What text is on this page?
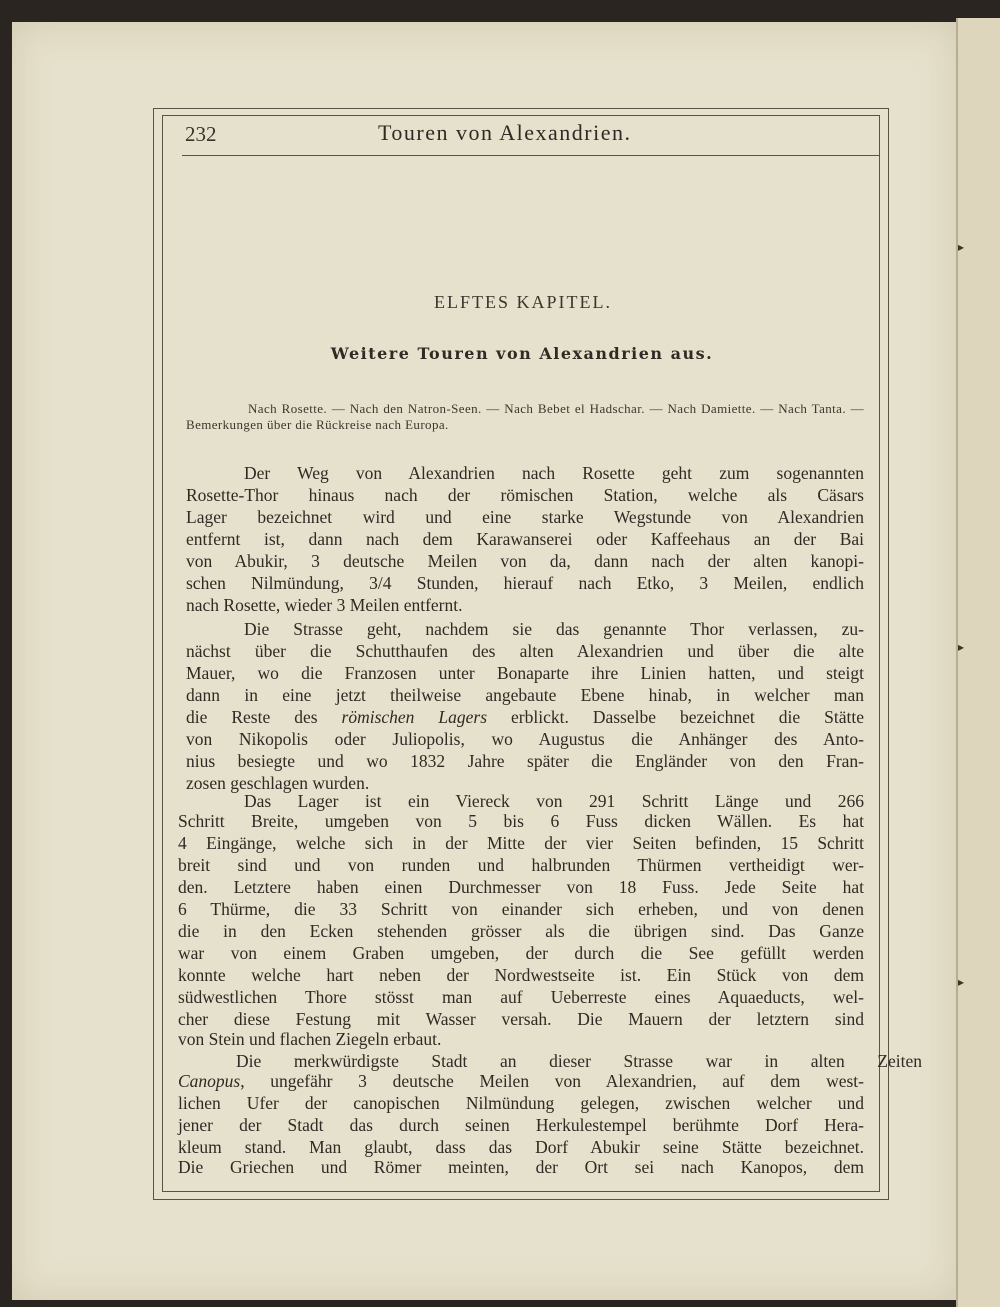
▸
▸
▸
232	Touren von Alexandrien.
ELFTES KAPITEL.
Weitere Touren von Alexandrien aus.
Nach Rosette. — Nach den Natron-Seen. — Nach Bebet el Hadschar. — Nach Damiette. — Nach Tanta. — Bemerkungen über die Rückreise nach Europa.
Der Weg von Alexandrien nach Rosette geht zum sogenannten
Rosette-Thor hinaus nach der römischen Station, welche als Cäsars
Lager bezeichnet wird und eine starke Wegstunde von Alexandrien
entfernt ist, dann nach dem Karawanserei oder Kaffeehaus an der Bai
von Abukir, 3 deutsche Meilen von da, dann nach der alten kanopi-
schen Nilmündung, 3/4 Stunden, hierauf nach Etko, 3 Meilen, endlich
nach Rosette, wieder 3 Meilen entfernt.
Die Strasse geht, nachdem sie das genannte Thor verlassen, zu-
nächst über die Schutthaufen des alten Alexandrien und über die alte
Mauer, wo die Franzosen unter Bonaparte ihre Linien hatten, und steigt
dann in eine jetzt theilweise angebaute Ebene hinab, in welcher man
die Reste des römischen Lagers erblickt. Dasselbe bezeichnet die Stätte
von Nikopolis oder Juliopolis, wo Augustus die Anhänger des Anto-
nius besiegte und wo 1832 Jahre später die Engländer von den Fran-
zosen geschlagen wurden.
Das Lager ist ein Viereck von 291 Schritt Länge und 266
Schritt Breite, umgeben von 5 bis 6 Fuss dicken Wällen. Es hat
4 Eingänge, welche sich in der Mitte der vier Seiten befinden, 15 Schritt
breit sind und von runden und halbrunden Thürmen vertheidigt wer-
den. Letztere haben einen Durchmesser von 18 Fuss. Jede Seite hat
6 Thürme, die 33 Schritt von einander sich erheben, und von denen
die in den Ecken stehenden grösser als die übrigen sind. Das Ganze
war von einem Graben umgeben, der durch die See gefüllt werden
konnte welche hart neben der Nordwestseite ist. Ein Stück von dem
südwestlichen Thore stösst man auf Ueberreste eines Aquaeducts, wel-
cher diese Festung mit Wasser versah. Die Mauern der letztern sind
von Stein und flachen Ziegeln erbaut.
Die merkwürdigste Stadt an dieser Strasse war in alten Zeiten
Canopus, ungefähr 3 deutsche Meilen von Alexandrien, auf dem west-
lichen Ufer der canopischen Nilmündung gelegen, zwischen welcher und
jener der Stadt das durch seinen Herkulestempel berühmte Dorf Hera-
kleum stand. Man glaubt, dass das Dorf Abukir seine Stätte bezeichnet.
Die Griechen und Römer meinten, der Ort sei nach Kanopos, dem
